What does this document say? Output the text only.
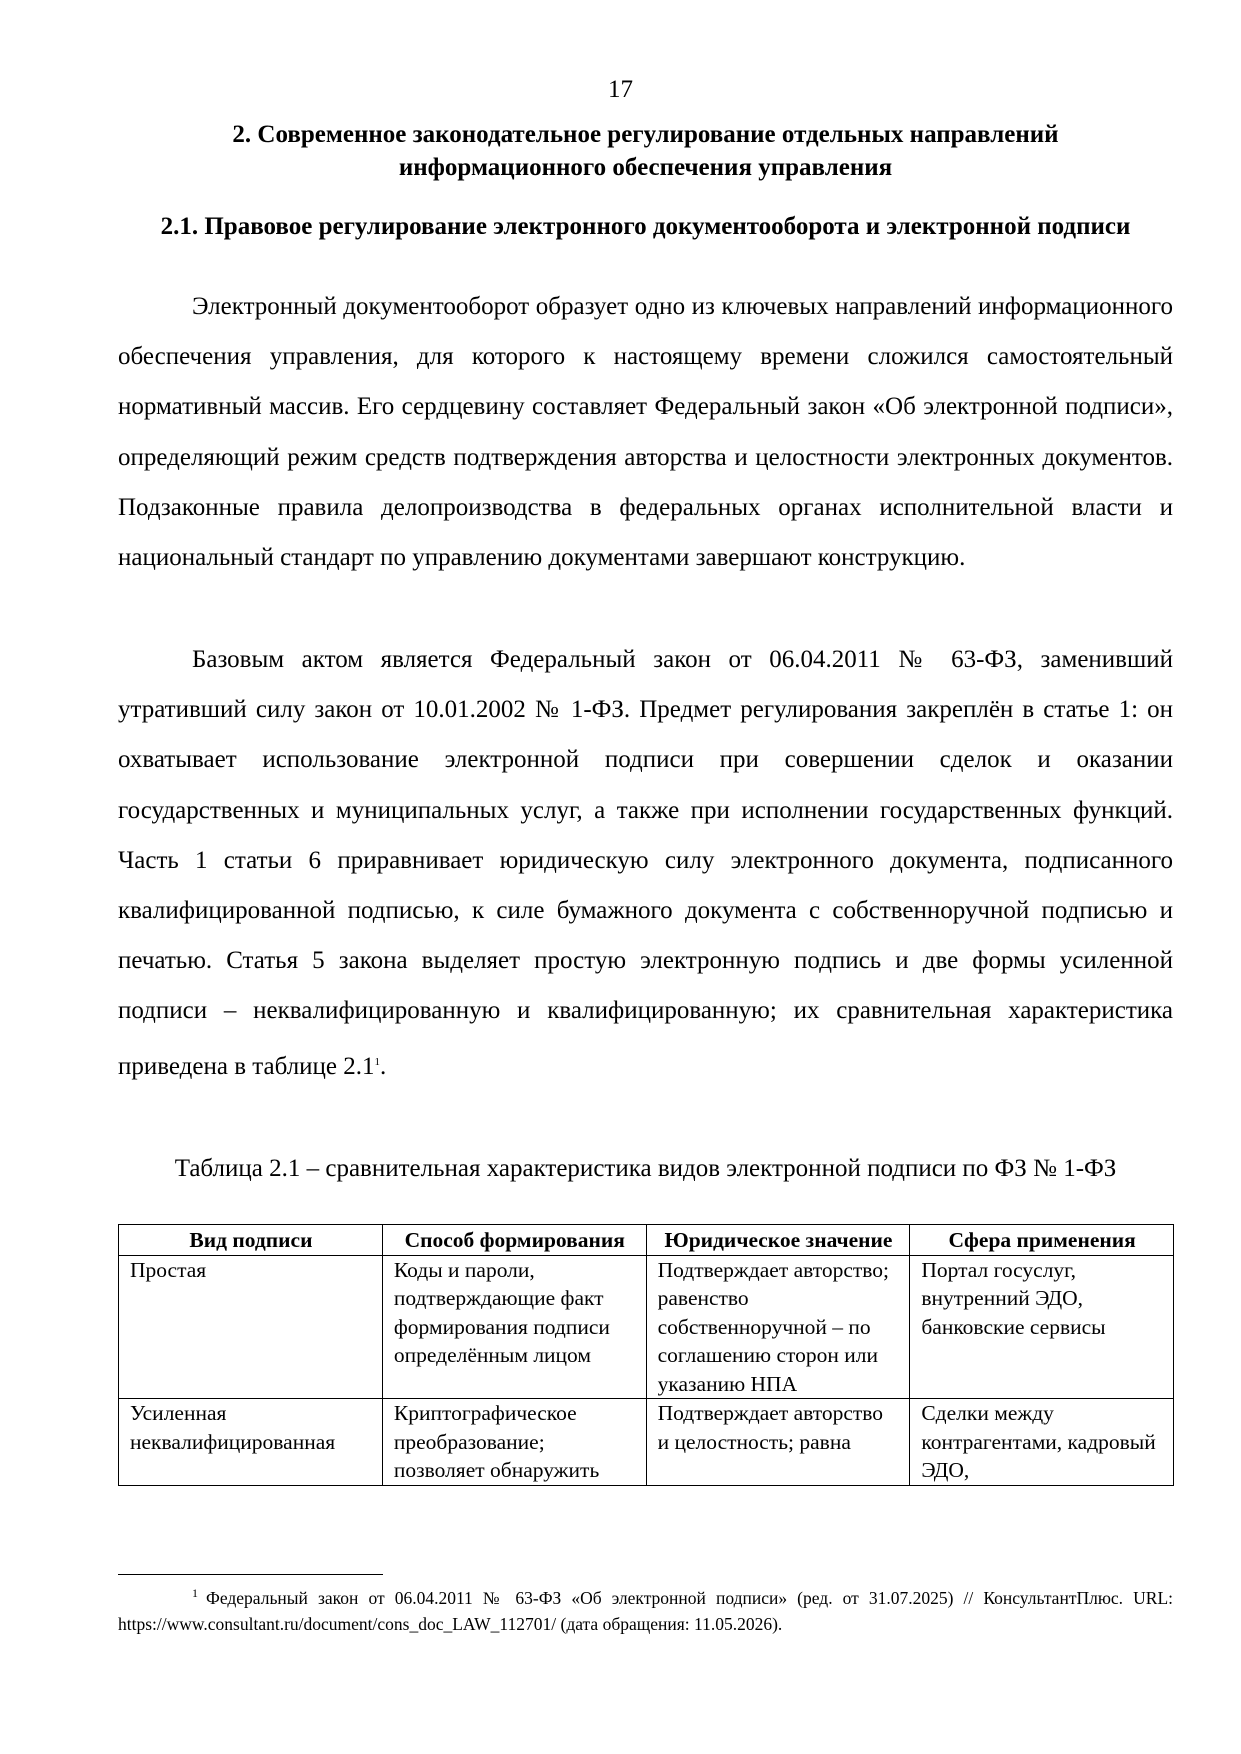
17
2. Современное законодательное регулирование отдельных направлений информационного обеспечения управления
2.1. Правовое регулирование электронного документооборота и электронной подписи

Электронный документооборот образует одно из ключевых направлений информационного обеспечения управления, для которого к настоящему времени сложился самостоятельный нормативный массив. Его сердцевину составляет Федеральный закон «Об электронной подписи», определяющий режим средств подтверждения авторства и целостности электронных документов. Подзаконные правила делопроизводства в федеральных органах исполнительной власти и национальный стандарт по управлению документами завершают конструкцию.

Базовым актом является Федеральный закон от 06.04.2011 № 63-ФЗ, заменивший утративший силу закон от 10.01.2002 № 1-ФЗ. Предмет регулирования закреплён в статье 1: он охватывает использование электронной подписи при совершении сделок и оказании государственных и муниципальных услуг, а также при исполнении государственных функций. Часть 1 статьи 6 приравнивает юридическую силу электронного документа, подписанного квалифицированной подписью, к силе бумажного документа с собственноручной подписью и печатью. Статья 5 закона выделяет простую электронную подпись и две формы усиленной подписи – неквалифицированную и квалифицированную; их сравнительная характеристика приведена в таблице 2.1$^1$.

Таблица 2.1 – сравнительная характеристика видов электронной подписи по ФЗ № 1-ФЗ

Вид подписи	Способ формирования	Юридическое значение	Сфера применения
Простая	Коды и пароли, подтверждающие факт формирования подписи определённым лицом	Подтверждает авторство; равенство собственноручной – по соглашению сторон или указанию НПА	Портал госуслуг, внутренний ЭДО, банковские сервисы
Усиленная неквалифицированная	Криптографическое преобразование; позволяет обнаружить	Подтверждает авторство и целостность; равна	Сделки между контрагентами, кадровый ЭДО,

$^1$ Федеральный закон от 06.04.2011 № 63-ФЗ «Об электронной подписи» (ред. от 31.07.2025) // КонсультантПлюс. URL: https://www.consultant.ru/document/cons_doc_LAW_112701/ (дата обращения: 11.05.2026).
